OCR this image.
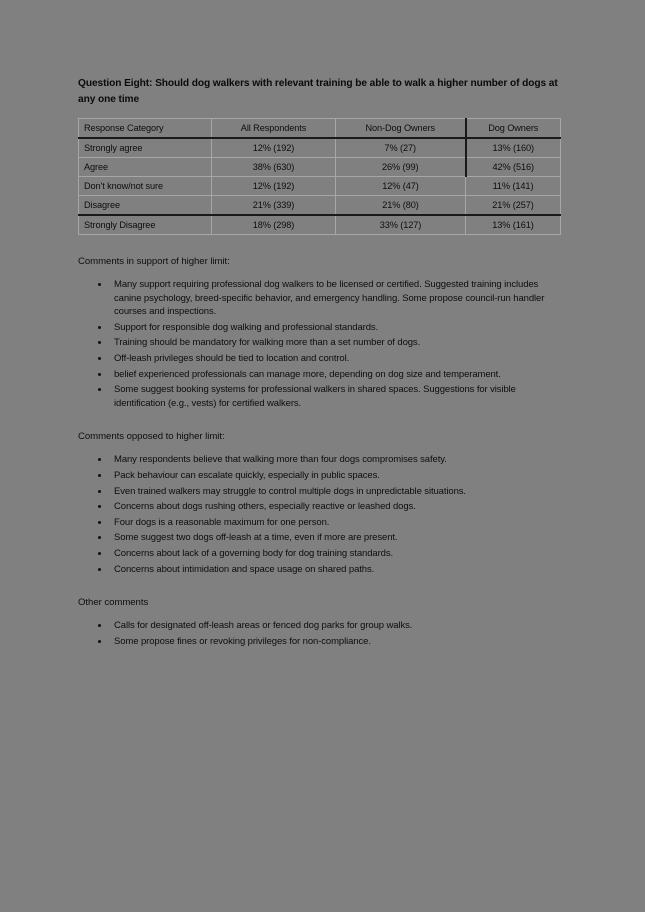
Question Eight: Should dog walkers with relevant training be able to walk a higher number of dogs at any one time

Response Category	All Respondents	Non-Dog Owners	Dog Owners
Strongly agree	12% (192)	7% (27)	13% (160)
Agree	38% (630)	26% (99)	42% (516)
Don't know/not sure	12% (192)	12% (47)	11% (141)
Disagree	21% (339)	21% (80)	21% (257)
Strongly Disagree	18% (298)	33% (127)	13% (161)

Comments in support of higher limit:

Many support requiring professional dog walkers to be licensed or certified. Suggested training includes canine psychology, breed-specific behavior, and emergency handling. Some propose council-run handler courses and inspections.
Support for responsible dog walking and professional standards.
Training should be mandatory for walking more than a set number of dogs.
Off-leash privileges should be tied to location and control.
belief experienced professionals can manage more, depending on dog size and temperament.
Some suggest booking systems for professional walkers in shared spaces. Suggestions for visible identification (e.g., vests) for certified walkers.

Comments opposed to higher limit:

Many respondents believe that walking more than four dogs compromises safety.
Pack behaviour can escalate quickly, especially in public spaces.
Even trained walkers may struggle to control multiple dogs in unpredictable situations.
Concerns about dogs rushing others, especially reactive or leashed dogs.
Four dogs is a reasonable maximum for one person.
Some suggest two dogs off-leash at a time, even if more are present.
Concerns about lack of a governing body for dog training standards.
Concerns about intimidation and space usage on shared paths.

Other comments

Calls for designated off-leash areas or fenced dog parks for group walks.
Some propose fines or revoking privileges for non-compliance.
